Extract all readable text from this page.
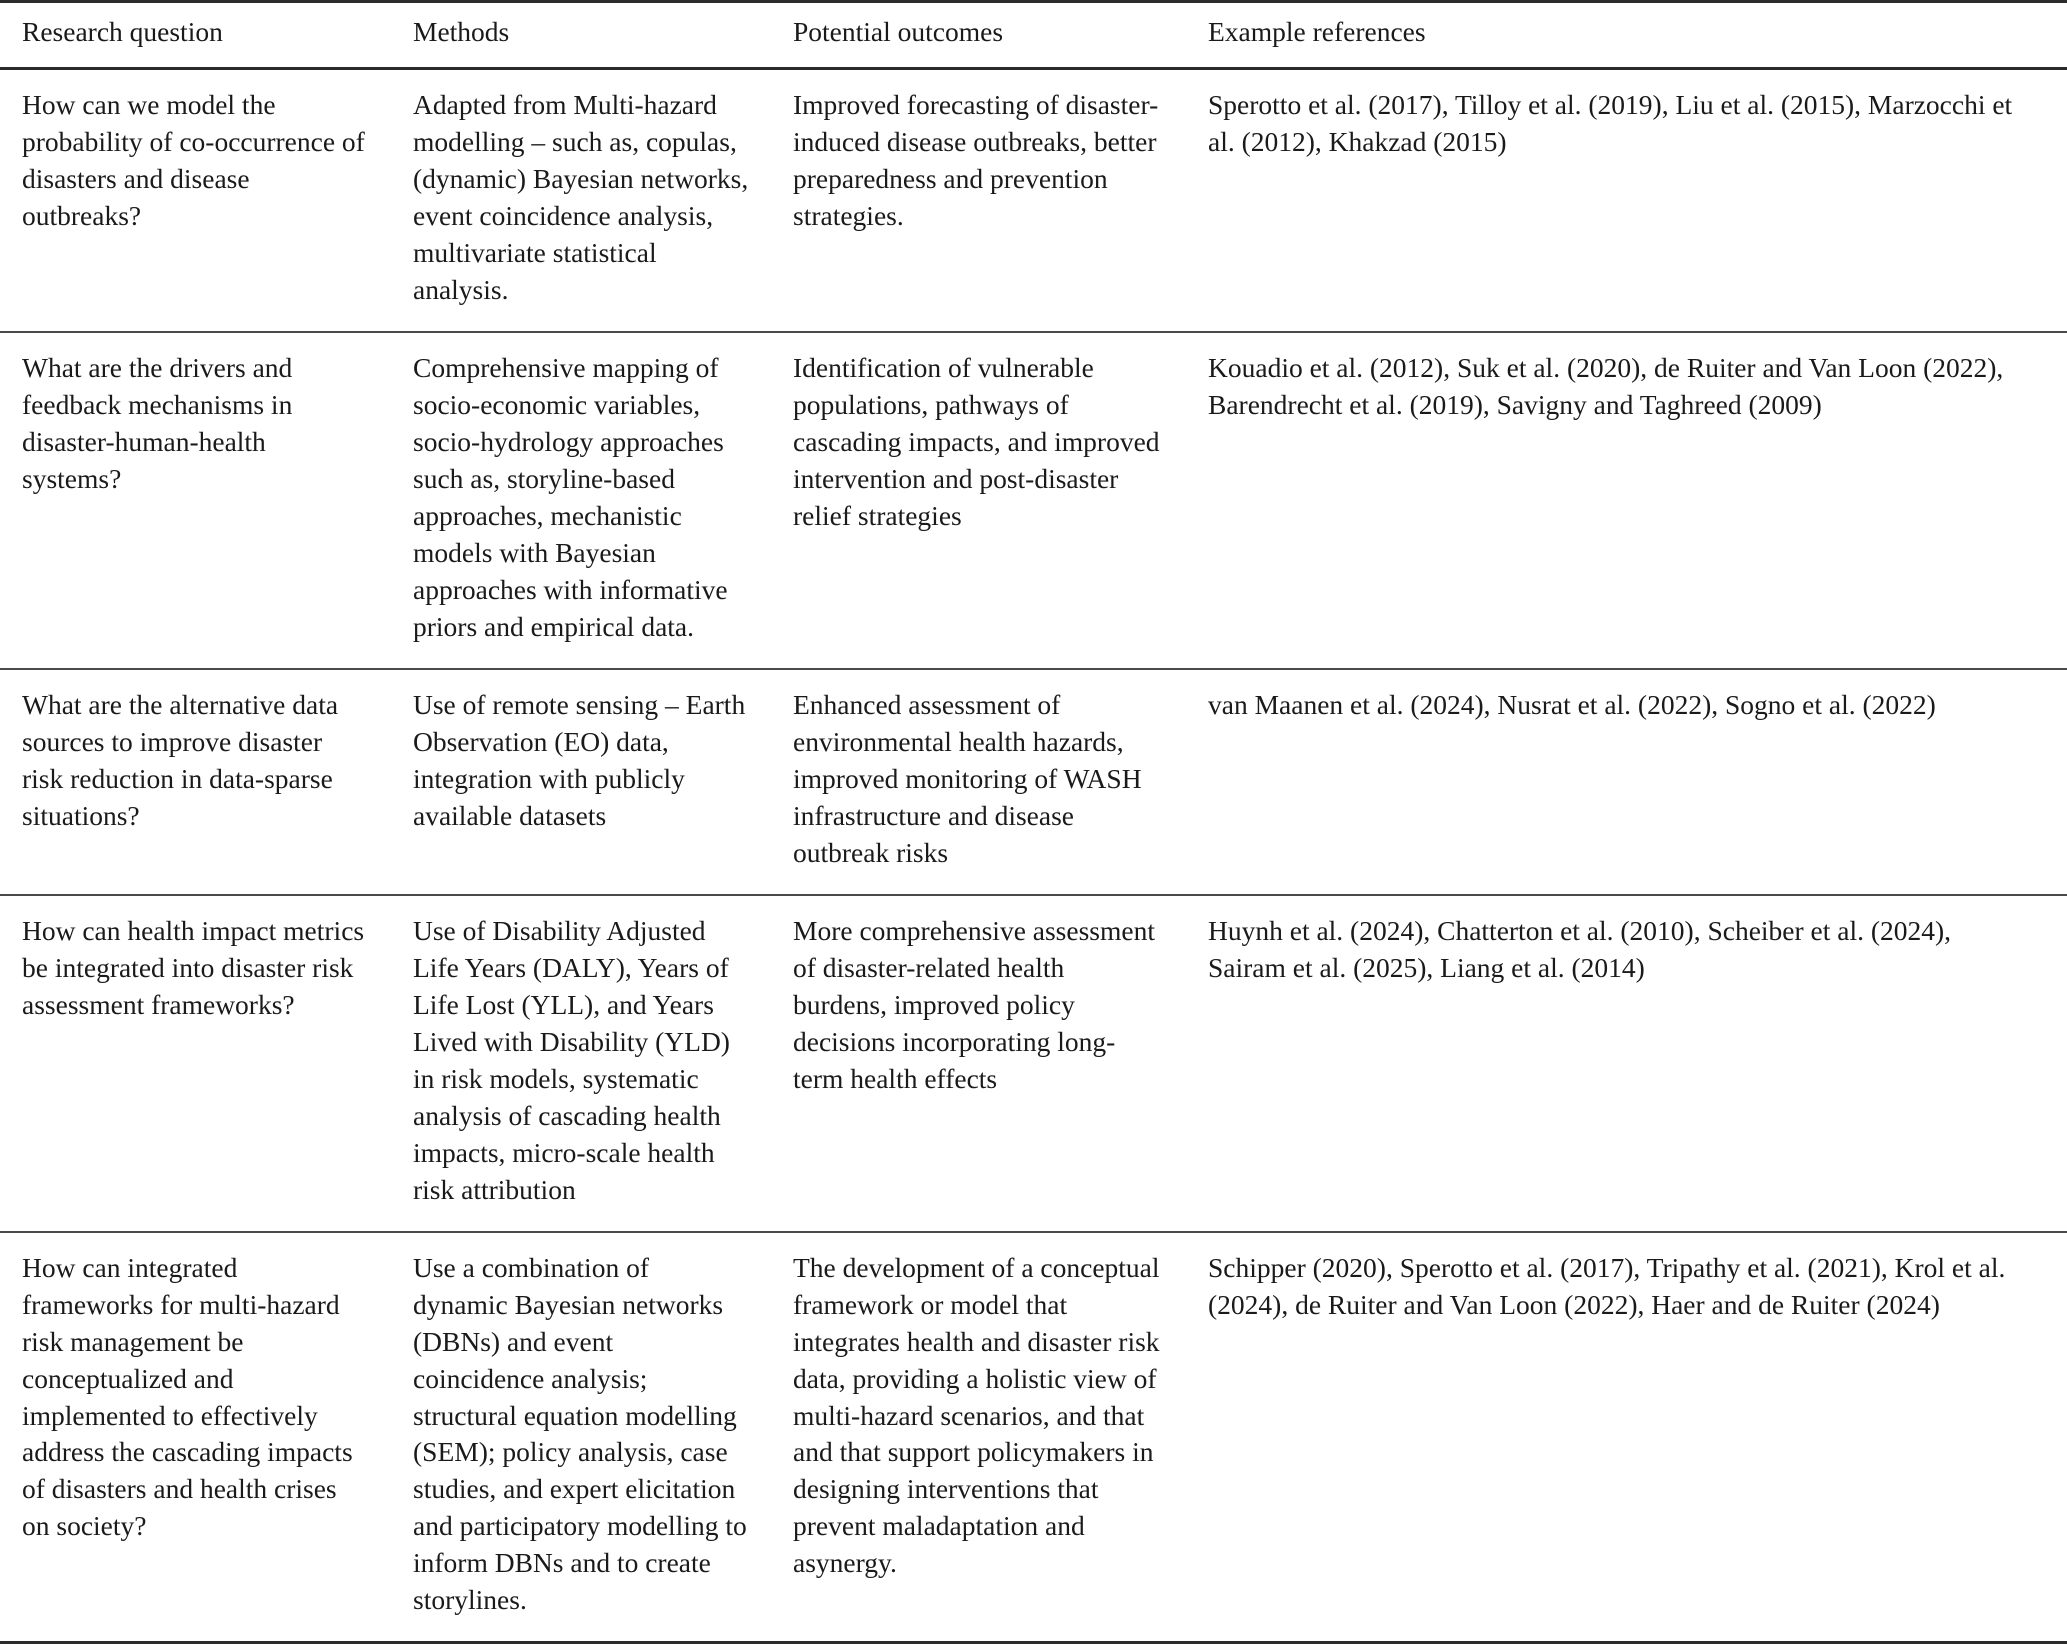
Research question	Methods	Potential outcomes	Example references
How can we model the probability of co-occurrence of disasters and disease outbreaks?	Adapted from Multi-hazard modelling – such as, copulas, (dynamic) Bayesian networks, event coincidence analysis, multivariate statistical analysis.	Improved forecasting of disaster-induced disease outbreaks, better preparedness and prevention strategies.	Sperotto et al. (2017), Tilloy et al. (2019), Liu et al. (2015), Marzocchi et al. (2012), Khakzad (2015)
What are the drivers and feedback mechanisms in disaster-human-health systems?	Comprehensive mapping of socio-economic variables, socio-hydrology approaches such as, storyline-based approaches, mechanistic models with Bayesian approaches with informative priors and empirical data.	Identification of vulnerable populations, pathways of cascading impacts, and improved intervention and post-disaster relief strategies	Kouadio et al. (2012), Suk et al. (2020), de Ruiter and Van Loon (2022), Barendrecht et al. (2019), Savigny and Taghreed (2009)
What are the alternative data sources to improve disaster risk reduction in data-sparse situations?	Use of remote sensing – Earth Observation (EO) data, integration with publicly available datasets	Enhanced assessment of environmental health hazards, improved monitoring of WASH infrastructure and disease outbreak risks	van Maanen et al. (2024), Nusrat et al. (2022), Sogno et al. (2022)
How can health impact metrics be integrated into disaster risk assessment frameworks?	Use of Disability Adjusted Life Years (DALY), Years of Life Lost (YLL), and Years Lived with Disability (YLD) in risk models, systematic analysis of cascading health impacts, micro-scale health risk attribution	More comprehensive assessment of disaster-related health burdens, improved policy decisions incorporating long-term health effects	Huynh et al. (2024), Chatterton et al. (2010), Scheiber et al. (2024), Sairam et al. (2025), Liang et al. (2014)
How can integrated frameworks for multi-hazard risk management be conceptualized and implemented to effectively address the cascading impacts of disasters and health crises on society?	Use a combination of dynamic Bayesian networks (DBNs) and event coincidence analysis; structural equation modelling (SEM); policy analysis, case studies, and expert elicitation and participatory modelling to inform DBNs and to create storylines.	The development of a conceptual framework or model that integrates health and disaster risk data, providing a holistic view of multi-hazard scenarios, and that and that support policymakers in designing interventions that prevent maladaptation and asynergy.	Schipper (2020), Sperotto et al. (2017), Tripathy et al. (2021), Krol et al. (2024), de Ruiter and Van Loon (2022), Haer and de Ruiter (2024)
